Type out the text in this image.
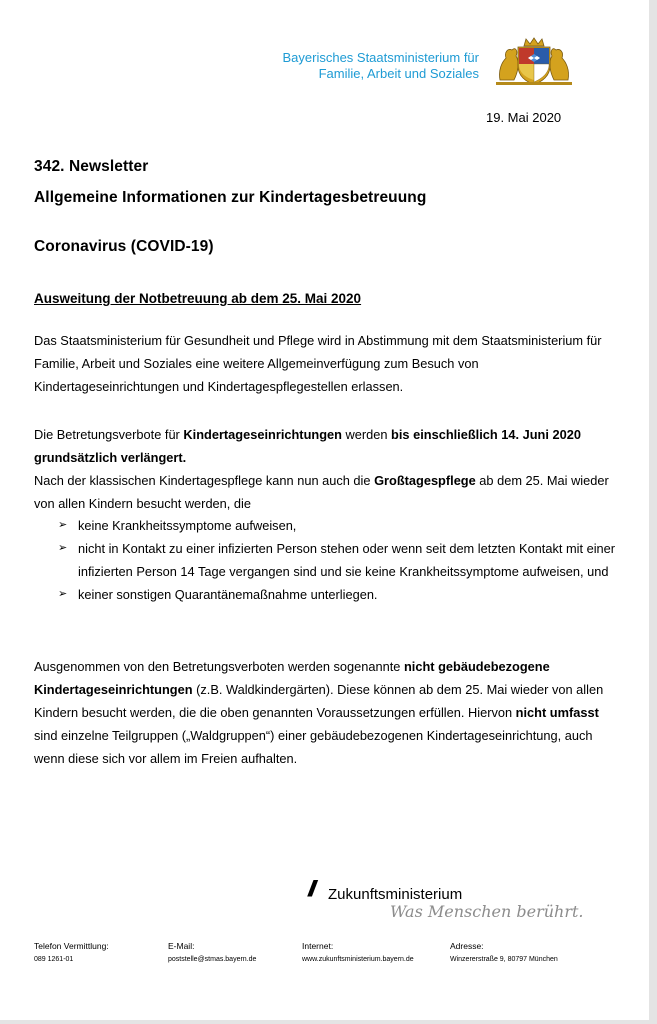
Bayerisches Staatsministerium für
Familie, Arbeit und Soziales
19. Mai 2020
342. Newsletter
Allgemeine Informationen zur Kindertagesbetreuung
Coronavirus (COVID-19)
Ausweitung der Notbetreuung ab dem 25. Mai 2020
Das Staatsministerium für Gesundheit und Pflege wird in Abstimmung mit dem Staatsministerium für Familie, Arbeit und Soziales eine weitere Allgemeinverfügung zum Besuch von Kindertageseinrichtungen und Kindertagespflegestellen erlassen.
Die Betretungsverbote für Kindertageseinrichtungen werden bis einschließlich 14. Juni 2020 grundsätzlich verlängert.
Nach der klassischen Kindertagespflege kann nun auch die Großtagespflege ab dem 25. Mai wieder von allen Kindern besucht werden, die
➢ keine Krankheitssymptome aufweisen,
➢ nicht in Kontakt zu einer infizierten Person stehen oder wenn seit dem letzten Kontakt mit einer infizierten Person 14 Tage vergangen sind und sie keine Krankheitssymptome aufweisen, und
➢ keiner sonstigen Quarantänemaßnahme unterliegen.
Ausgenommen von den Betretungsverboten werden sogenannte nicht gebäudebezogene Kindertageseinrichtungen (z.B. Waldkindergärten). Diese können ab dem 25. Mai wieder von allen Kindern besucht werden, die die oben genannten Voraussetzungen erfüllen. Hiervon nicht umfasst sind einzelne Teilgruppen („Waldgruppen“) einer gebäudebezogenen Kindertageseinrichtung, auch wenn diese sich vor allem im Freien aufhalten.
// Zukunftsministerium
Was Menschen berührt.
Telefon Vermittlung:
089 1261-01
E-Mail:
poststelle@stmas.bayern.de
Internet:
www.zukunftsministerium.bayern.de
Adresse:
Winzererstraße 9, 80797 München
